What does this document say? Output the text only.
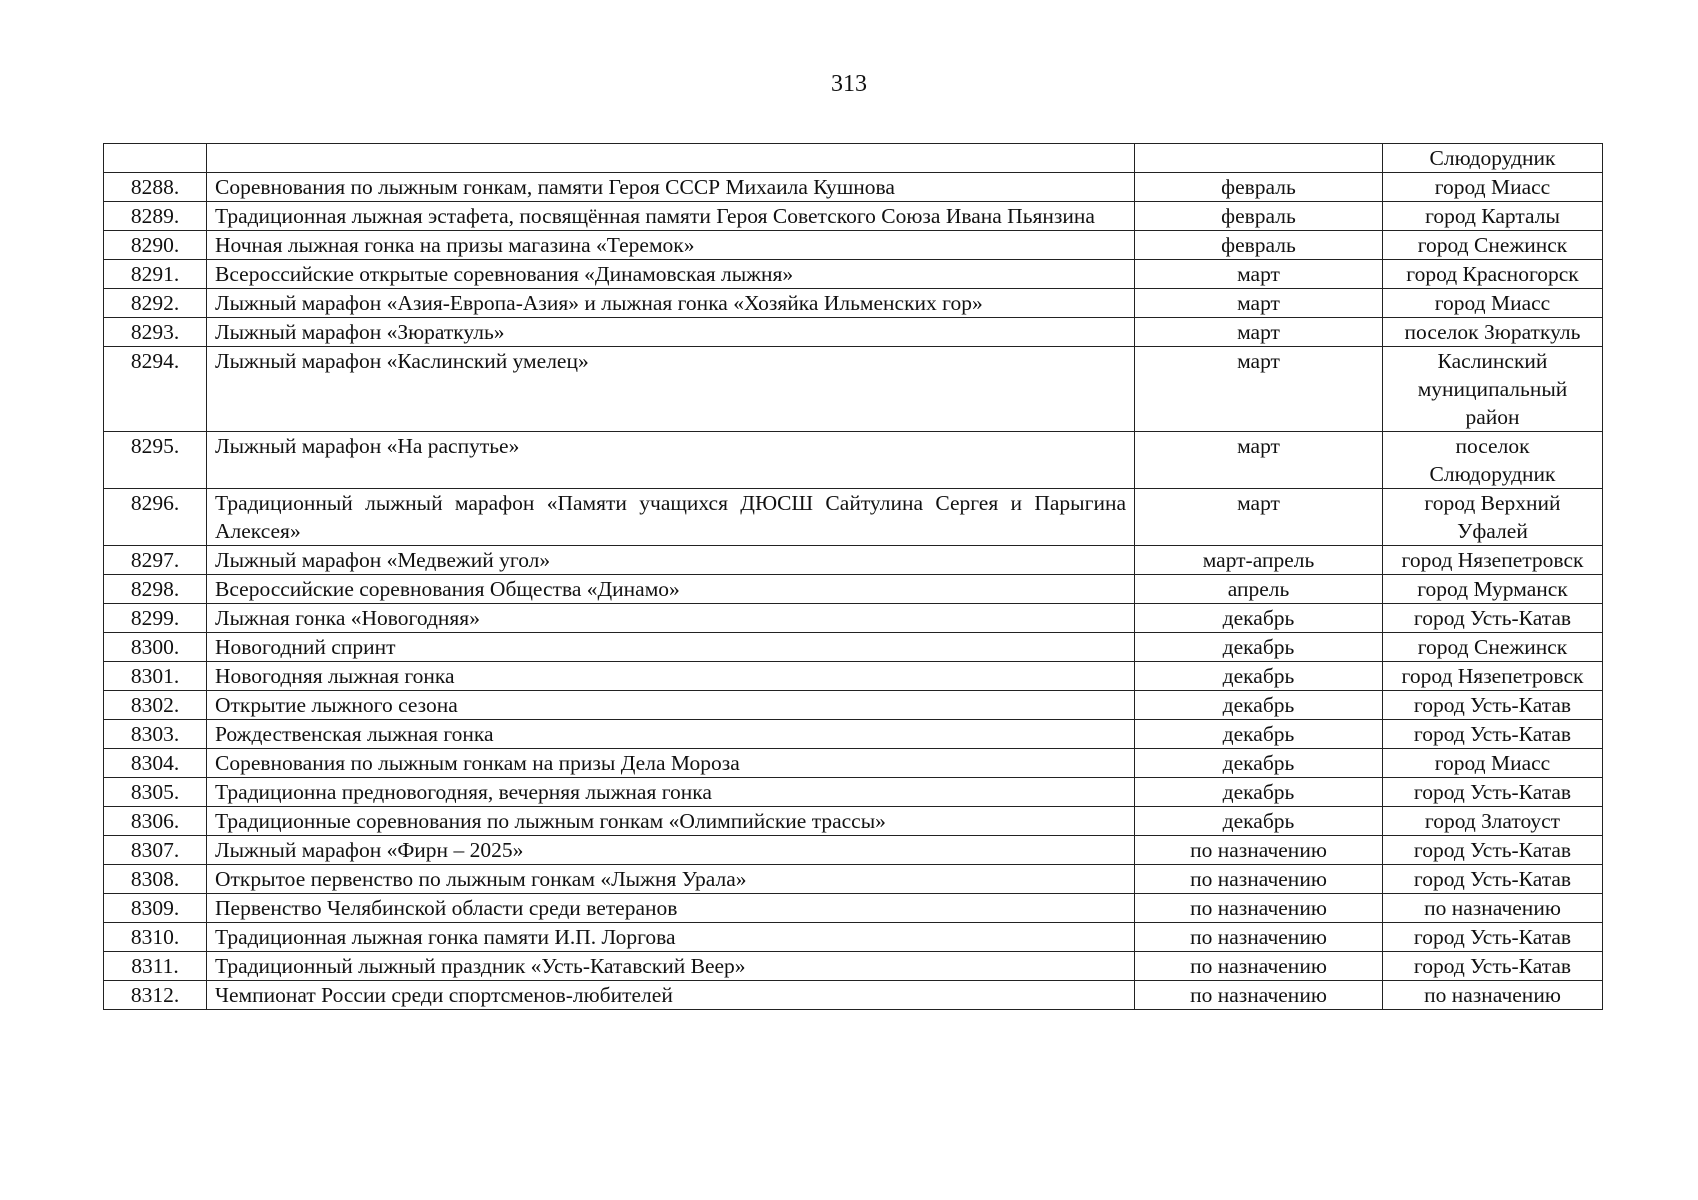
313
			Слюдорудник
8288.	Соревнования по лыжным гонкам, памяти Героя СССР Михаила Кушнова	февраль	город Миасс
8289.	Традиционная лыжная эстафета, посвящённая памяти Героя Советского Союза Ивана Пьянзина	февраль	город Карталы
8290.	Ночная лыжная гонка на призы магазина «Теремок»	февраль	город Снежинск
8291.	Всероссийские открытые соревнования «Динамовская лыжня»	март	город Красногорск
8292.	Лыжный марафон «Азия-Европа-Азия» и лыжная гонка «Хозяйка Ильменских гор»	март	город Миасс
8293.	Лыжный марафон «Зюраткуль»	март	поселок Зюраткуль
8294.	Лыжный марафон «Каслинский умелец»	март	Каслинский муниципальный район
8295.	Лыжный марафон «На распутье»	март	поселок Слюдорудник
8296.	Традиционный лыжный марафон «Памяти учащихся ДЮСШ Сайтулина Сергея и Парыгина Алексея»	март	город Верхний Уфалей
8297.	Лыжный марафон «Медвежий угол»	март-апрель	город Нязепетровск
8298.	Всероссийские соревнования Общества «Динамо»	апрель	город Мурманск
8299.	Лыжная гонка «Новогодняя»	декабрь	город Усть-Катав
8300.	Новогодний спринт	декабрь	город Снежинск
8301.	Новогодняя лыжная гонка	декабрь	город Нязепетровск
8302.	Открытие лыжного сезона	декабрь	город Усть-Катав
8303.	Рождественская лыжная гонка	декабрь	город Усть-Катав
8304.	Соревнования по лыжным гонкам на призы Дела Мороза	декабрь	город Миасс
8305.	Традиционна предновогодняя, вечерняя лыжная гонка	декабрь	город Усть-Катав
8306.	Традиционные соревнования по лыжным гонкам «Олимпийские трассы»	декабрь	город Златоуст
8307.	Лыжный марафон «Фирн – 2025»	по назначению	город Усть-Катав
8308.	Открытое первенство по лыжным гонкам «Лыжня Урала»	по назначению	город Усть-Катав
8309.	Первенство Челябинской области среди ветеранов	по назначению	по назначению
8310.	Традиционная лыжная гонка памяти И.П. Лоргова	по назначению	город Усть-Катав
8311.	Традиционный лыжный праздник «Усть-Катавский Веер»	по назначению	город Усть-Катав
8312.	Чемпионат России среди спортсменов-любителей	по назначению	по назначению
